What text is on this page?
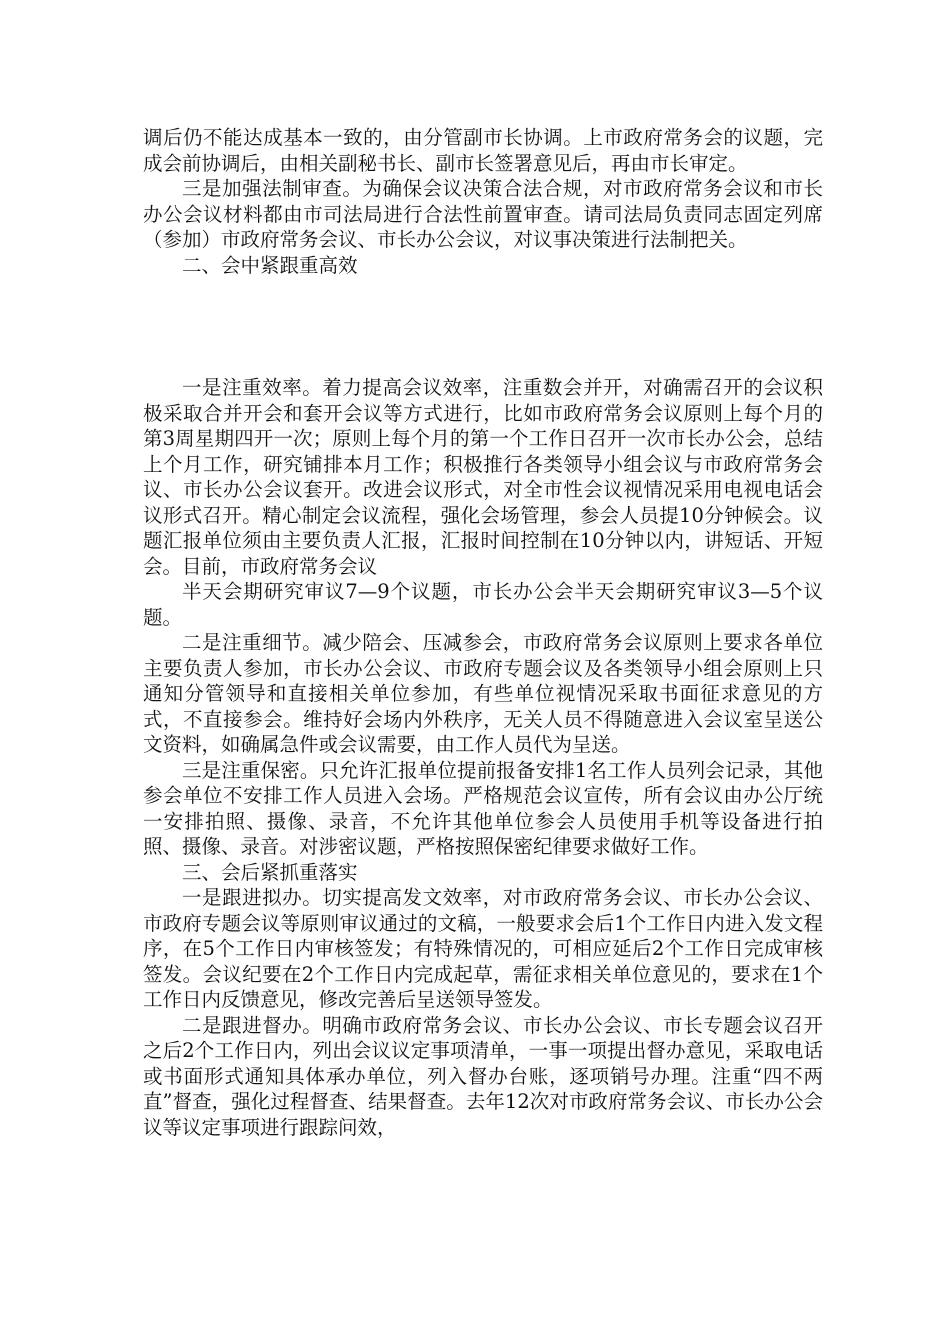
调后仍不能达成基本一致的，由分管副市长协调。上市政府常务会的议题，完成会前协调后，由相关副秘书长、副市长签署意见后，再由市长审定。

三是加强法制审查。为确保会议决策合法合规，对市政府常务会议和市长办公会议材料都由市司法局进行合法性前置审查。请司法局负责同志固定列席（参加）市政府常务会议、市长办公会议，对议事决策进行法制把关。

二、会中紧跟重高效

一是注重效率。着力提高会议效率，注重数会并开，对确需召开的会议积极采取合并开会和套开会议等方式进行，比如市政府常务会议原则上每个月的第3周星期四开一次；原则上每个月的第一个工作日召开一次市长办公会，总结上个月工作，研究铺排本月工作；积极推行各类领导小组会议与市政府常务会议、市长办公会议套开。改进会议形式，对全市性会议视情况采用电视电话会议形式召开。精心制定会议流程，强化会场管理，参会人员提10分钟候会。议题汇报单位须由主要负责人汇报，汇报时间控制在10分钟以内，讲短话、开短会。目前，市政府常务会议

半天会期研究审议7—9个议题，市长办公会半天会期研究审议3—5个议题。

二是注重细节。减少陪会、压减参会，市政府常务会议原则上要求各单位主要负责人参加，市长办公会议、市政府专题会议及各类领导小组会原则上只通知分管领导和直接相关单位参加，有些单位视情况采取书面征求意见的方式，不直接参会。维持好会场内外秩序，无关人员不得随意进入会议室呈送公文资料，如确属急件或会议需要，由工作人员代为呈送。

三是注重保密。只允许汇报单位提前报备安排1名工作人员列会记录，其他参会单位不安排工作人员进入会场。严格规范会议宣传，所有会议由办公厅统一安排拍照、摄像、录音，不允许其他单位参会人员使用手机等设备进行拍照、摄像、录音。对涉密议题，严格按照保密纪律要求做好工作。

三、会后紧抓重落实

一是跟进拟办。切实提高发文效率，对市政府常务会议、市长办公会议、市政府专题会议等原则审议通过的文稿，一般要求会后1个工作日内进入发文程序，在5个工作日内审核签发；有特殊情况的，可相应延后2个工作日完成审核签发。会议纪要在2个工作日内完成起草，需征求相关单位意见的，要求在1个工作日内反馈意见，修改完善后呈送领导签发。

二是跟进督办。明确市政府常务会议、市长办公会议、市长专题会议召开之后2个工作日内，列出会议议定事项清单，一事一项提出督办意见，采取电话或书面形式通知具体承办单位，列入督办台账，逐项销号办理。注重“四不两直”督查，强化过程督查、结果督查。去年12次对市政府常务会议、市长办公会议等议定事项进行跟踪问效，
